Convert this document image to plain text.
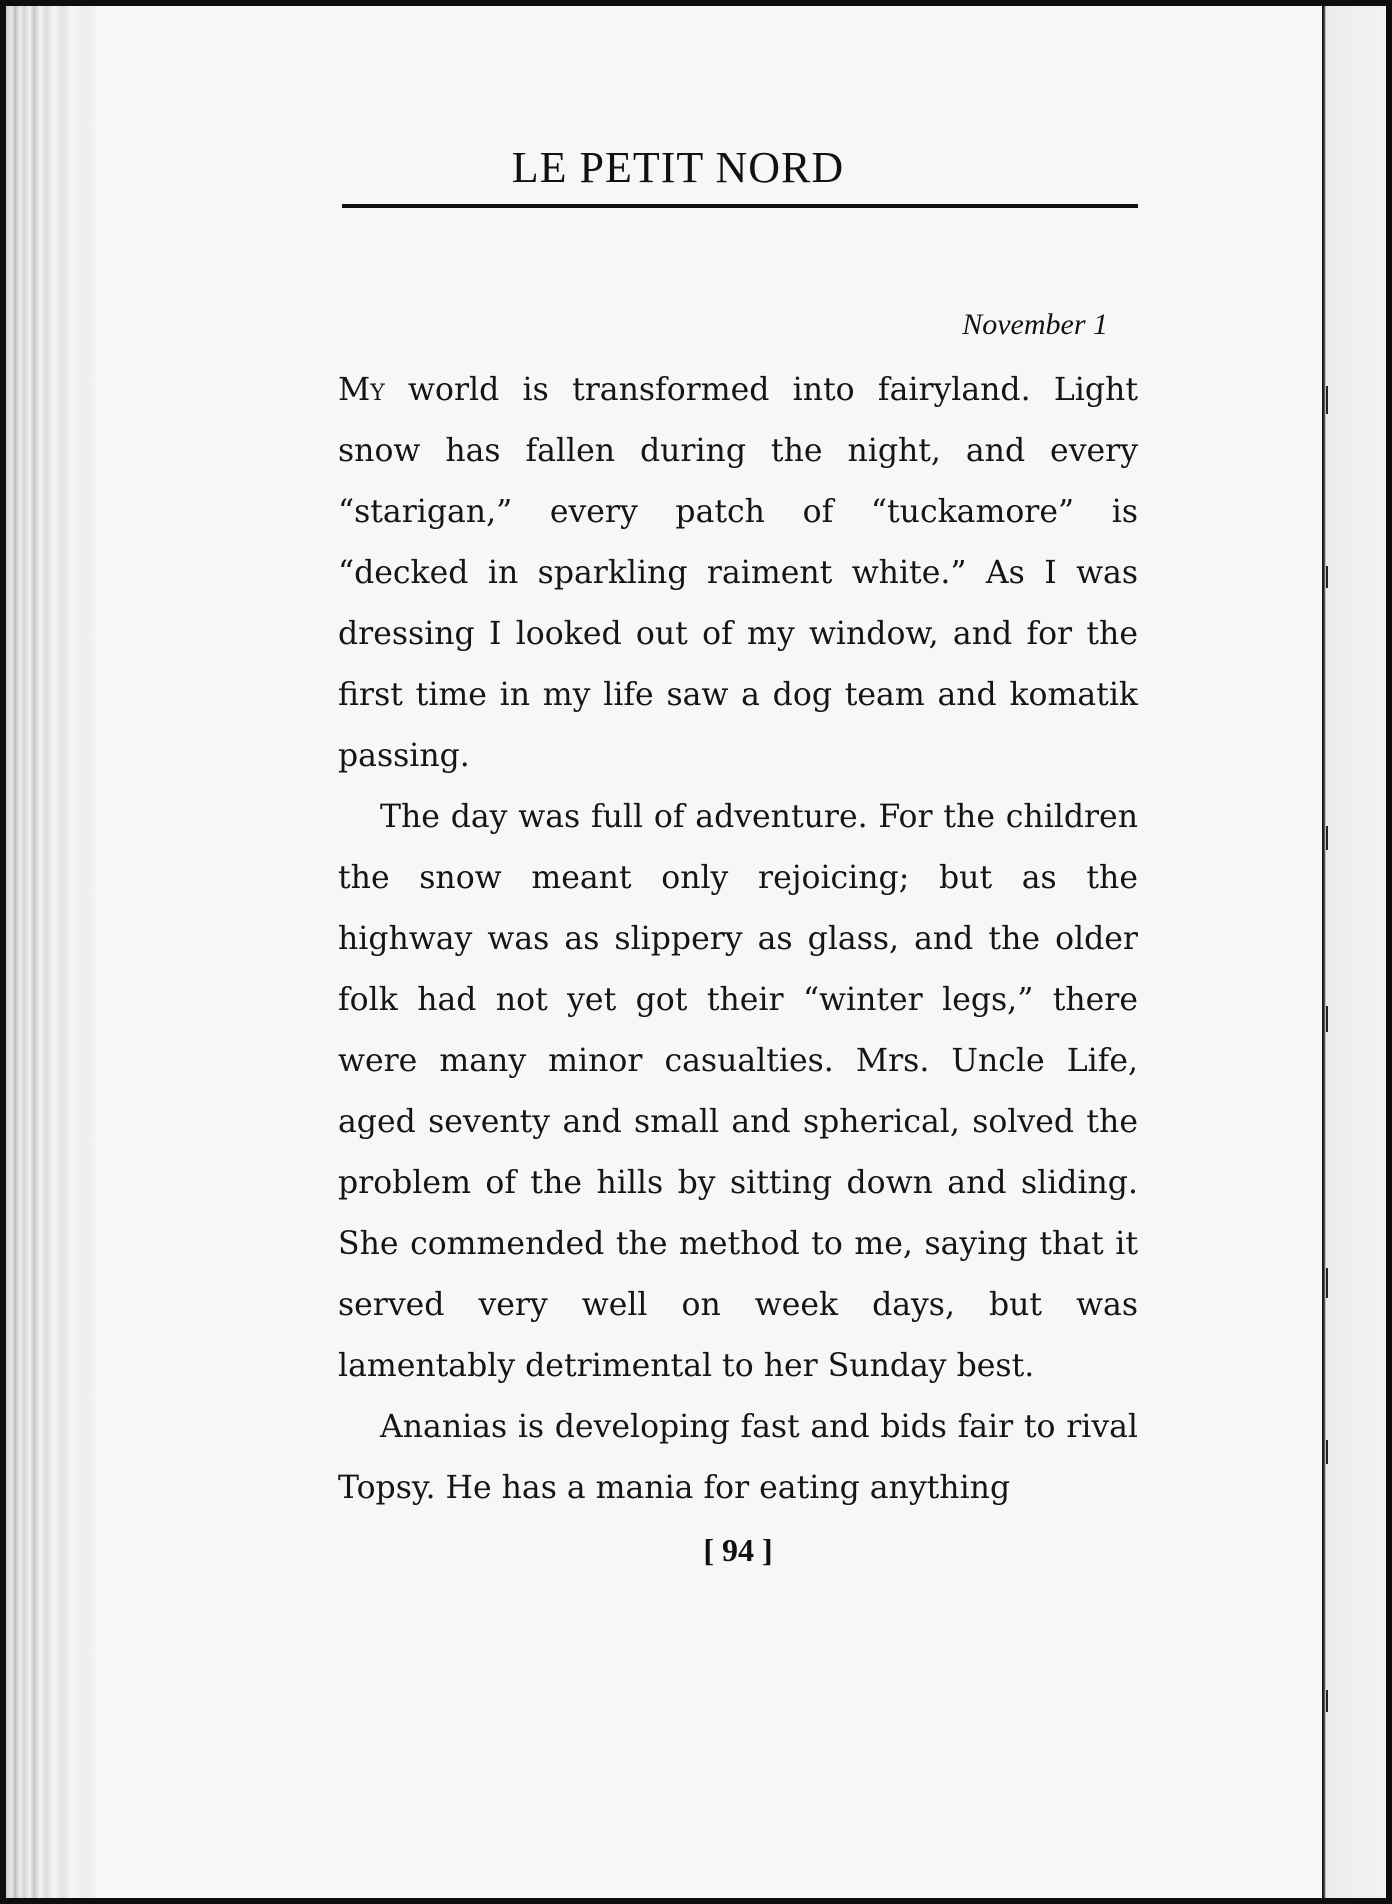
LE PETIT NORD
November 1

My world is transformed into fairyland. Light snow has fallen during the night, and every “starigan,” every patch of “tuckamore” is “decked in sparkling raiment white.” As I was dressing I looked out of my window, and for the first time in my life saw a dog team and komatik passing.

The day was full of adventure. For the children the snow meant only rejoicing; but as the highway was as slippery as glass, and the older folk had not yet got their “winter legs,” there were many minor casualties. Mrs. Uncle Life, aged seventy and small and spherical, solved the problem of the hills by sitting down and sliding. She commended the method to me, saying that it served very well on week days, but was lamentably detrimental to her Sunday best.

Ananias is developing fast and bids fair to rival Topsy. He has a mania for eating anything

[ 94 ]
